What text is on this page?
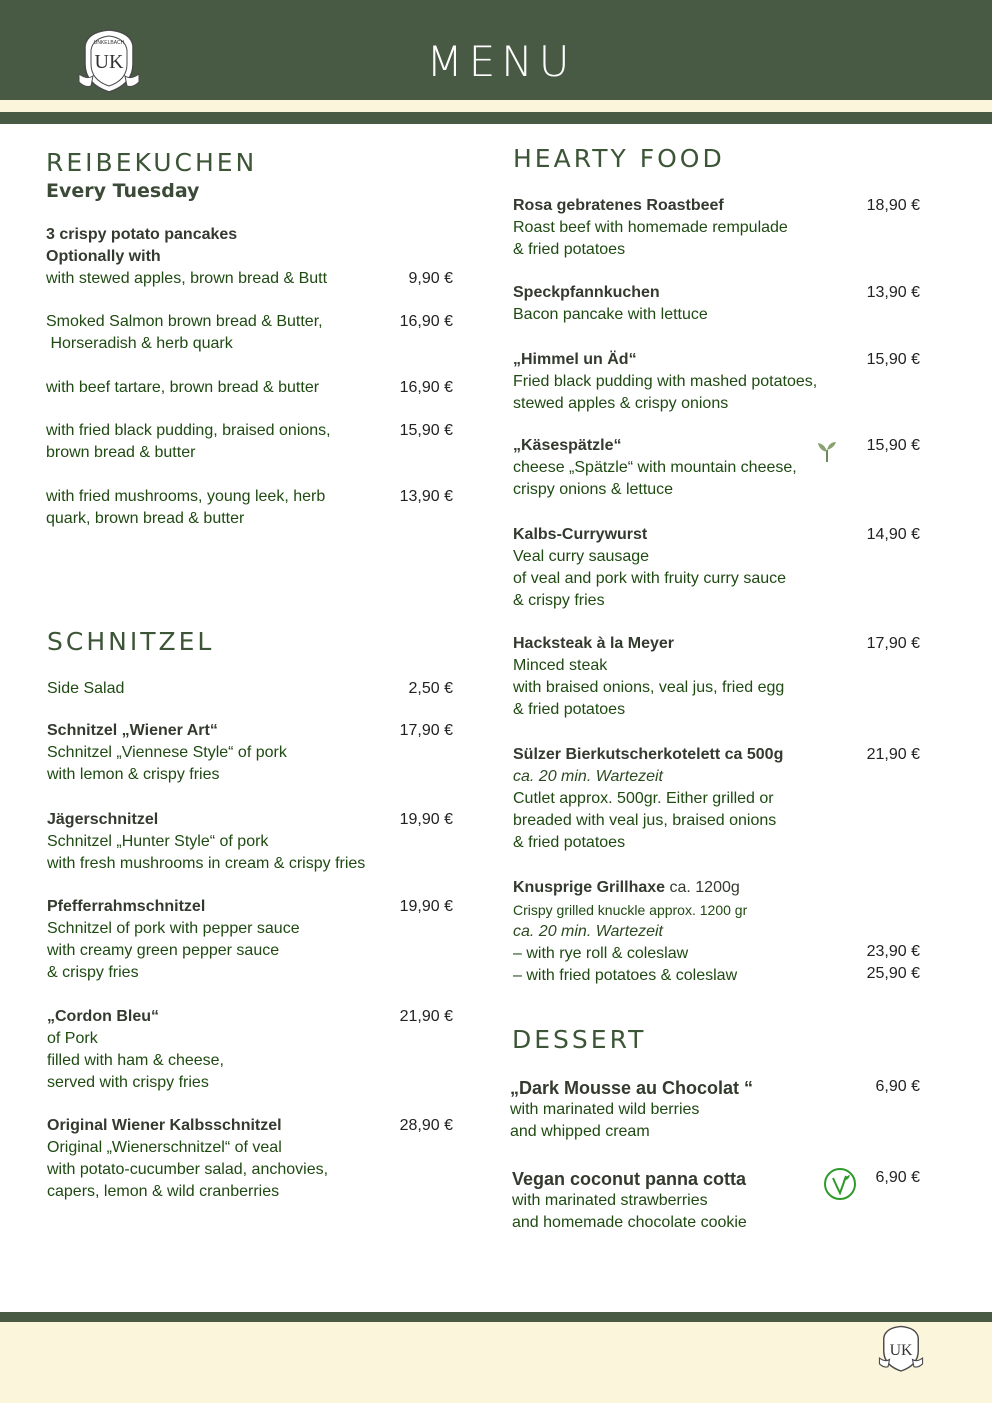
MENU
UK
UNKELBACH
UK
REIBEKUCHEN
Every Tuesday
3 crispy potato pancakes
Optionally with
with stewed apples, brown bread & Butt	9,90 €
Smoked Salmon brown bread & Butter,
Horseradish & herb quark
16,90 €
with beef tartare, brown bread & butter	16,90 €
with fried black pudding, braised onions,
brown bread & butter
15,90 €
with fried mushrooms, young leek, herb
quark, brown bread & butter
13,90 €
SCHNITZEL
Side Salad	2,50 €
Schnitzel „Wiener Art“
Schnitzel „Viennese Style“ of pork
with lemon & crispy fries
17,90 €
Jägerschnitzel
Schnitzel „Hunter Style“ of pork
with fresh mushrooms in cream & crispy fries
19,90 €
Pfefferrahmschnitzel
Schnitzel of pork with pepper sauce
with creamy green pepper sauce
& crispy fries
19,90 €
„Cordon Bleu“
of Pork
filled with ham & cheese,
served with crispy fries
21,90 €
Original Wiener Kalbsschnitzel
Original „Wienerschnitzel“ of veal
with potato-cucumber salad, anchovies,
capers, lemon & wild cranberries
28,90 €
HEARTY FOOD
Rosa gebratenes Roastbeef
Roast beef with homemade rempulade
& fried potatoes
18,90 €
Speckpfannkuchen
Bacon pancake with lettuce
13,90 €
„Himmel un Äd“
Fried black pudding with mashed potatoes,
stewed apples & crispy onions
15,90 €
„Käsespätzle“
cheese „Spätzle“ with mountain cheese,
crispy onions & lettuce
15,90 €
Kalbs-Currywurst
Veal curry sausage
of veal and pork with fruity curry sauce
& crispy fries
14,90 €
Hacksteak à la Meyer
Minced steak
with braised onions, veal jus, fried egg
& fried potatoes
17,90 €
Sülzer Bierkutscherkotelett ca 500g
ca. 20 min. Wartezeit
Cutlet approx. 500gr. Either grilled or
breaded with veal jus, braised onions
& fried potatoes
21,90 €
Knusprige Grillhaxe ca. 1200g
Crispy grilled knuckle approx. 1200 gr
ca. 20 min. Wartezeit
– with rye roll & coleslaw
– with fried potatoes & coleslaw
23,90 €
25,90 €
DESSERT
„Dark Mousse au Chocolat “
with marinated wild berries
and whipped cream
6,90 €
Vegan coconut panna cotta
with marinated strawberries
and homemade chocolate cookie
6,90 €
